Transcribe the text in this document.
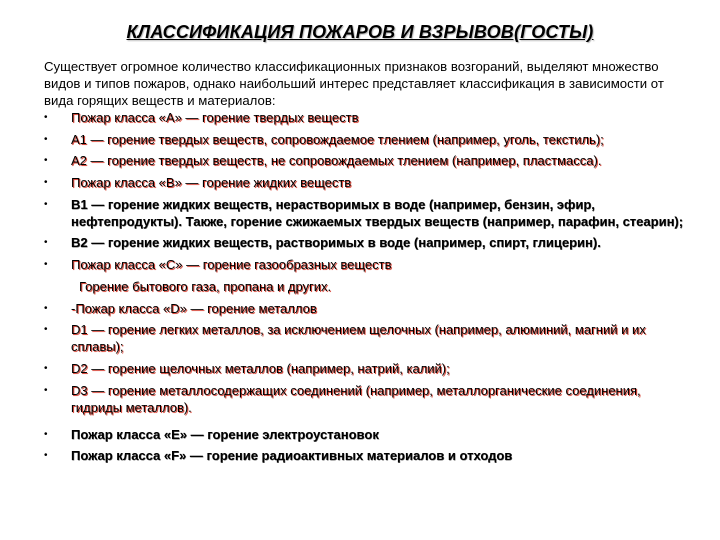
КЛАССИФИКАЦИЯ ПОЖАРОВ И ВЗРЫВОВ(ГОСТЫ)
Существует огромное количество классификационных признаков возгораний, выделяют множество видов и типов пожаров, однако наибольший интерес представляет классификация в зависимости от вида горящих веществ и материалов:
• Пожар класса «А» — горение твердых веществ
• А1 — горение твердых веществ, сопровождаемое тлением (например, уголь, текстиль);
• А2 — горение твердых веществ, не сопровождаемых тлением (например, пластмасса).
• Пожар класса «В» — горение жидких веществ
• В1 — горение жидких веществ, нерастворимых в воде (например, бензин, эфир, нефтепродукты). Также, горение сжижаемых твердых веществ (например, парафин, стеарин);
• В2 — горение жидких веществ, растворимых в воде (например, спирт, глицерин).
• Пожар класса «С» — горение газообразных веществ
Горение бытового газа, пропана и других.
• -Пожар класса «D» — горение металлов
• D1 — горение легких металлов, за исключением щелочных (например, алюминий, магний и их сплавы);
• D2 — горение щелочных металлов (например, натрий, калий);
• D3 — горение металлосодержащих соединений (например, металлорганические соединения, гидриды металлов).
• Пожар класса «Е» — горение электроустановок
• Пожар класса «F» — горение радиоактивных материалов и отходов
